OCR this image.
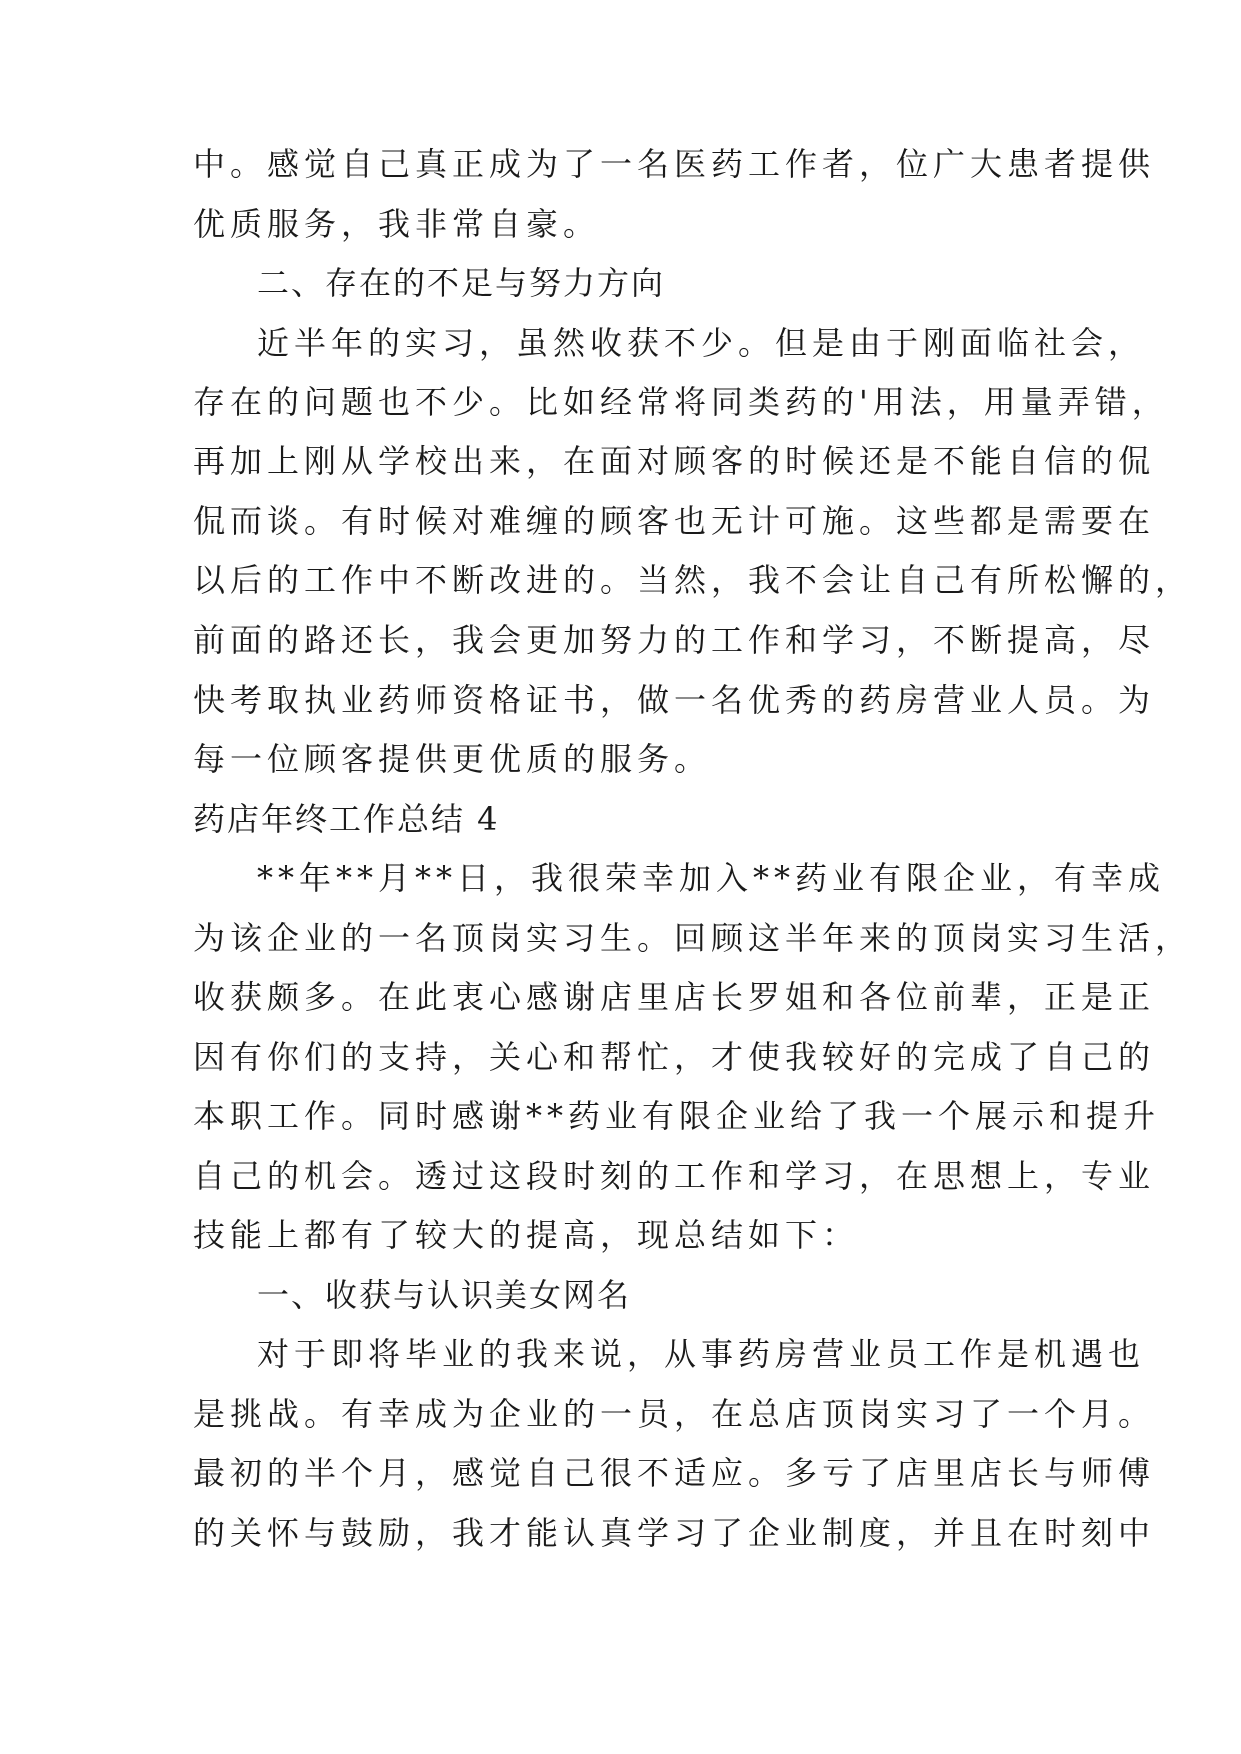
中。感觉自己真正成为了一名医药工作者，位广大患者提供
优质服务，我非常自豪。
二、存在的不足与努力方向
近半年的实习，虽然收获不少。但是由于刚面临社会，
存在的问题也不少。比如经常将同类药的'用法，用量弄错，
再加上刚从学校出来，在面对顾客的时候还是不能自信的侃
侃而谈。有时候对难缠的顾客也无计可施。这些都是需要在
以后的工作中不断改进的。当然，我不会让自己有所松懈的，
前面的路还长，我会更加努力的工作和学习，不断提高，尽
快考取执业药师资格证书，做一名优秀的药房营业人员。为
每一位顾客提供更优质的服务。
药店年终工作总结 4
**年**月**日，我很荣幸加入**药业有限企业，有幸成
为该企业的一名顶岗实习生。回顾这半年来的顶岗实习生活，
收获颇多。在此衷心感谢店里店长罗姐和各位前辈，正是正
因有你们的支持，关心和帮忙，才使我较好的完成了自己的
本职工作。同时感谢**药业有限企业给了我一个展示和提升
自己的机会。透过这段时刻的工作和学习，在思想上，专业
技能上都有了较大的提高，现总结如下：
一、收获与认识美女网名
对于即将毕业的我来说，从事药房营业员工作是机遇也
是挑战。有幸成为企业的一员，在总店顶岗实习了一个月。
最初的半个月，感觉自己很不适应。多亏了店里店长与师傅
的关怀与鼓励，我才能认真学习了企业制度，并且在时刻中
